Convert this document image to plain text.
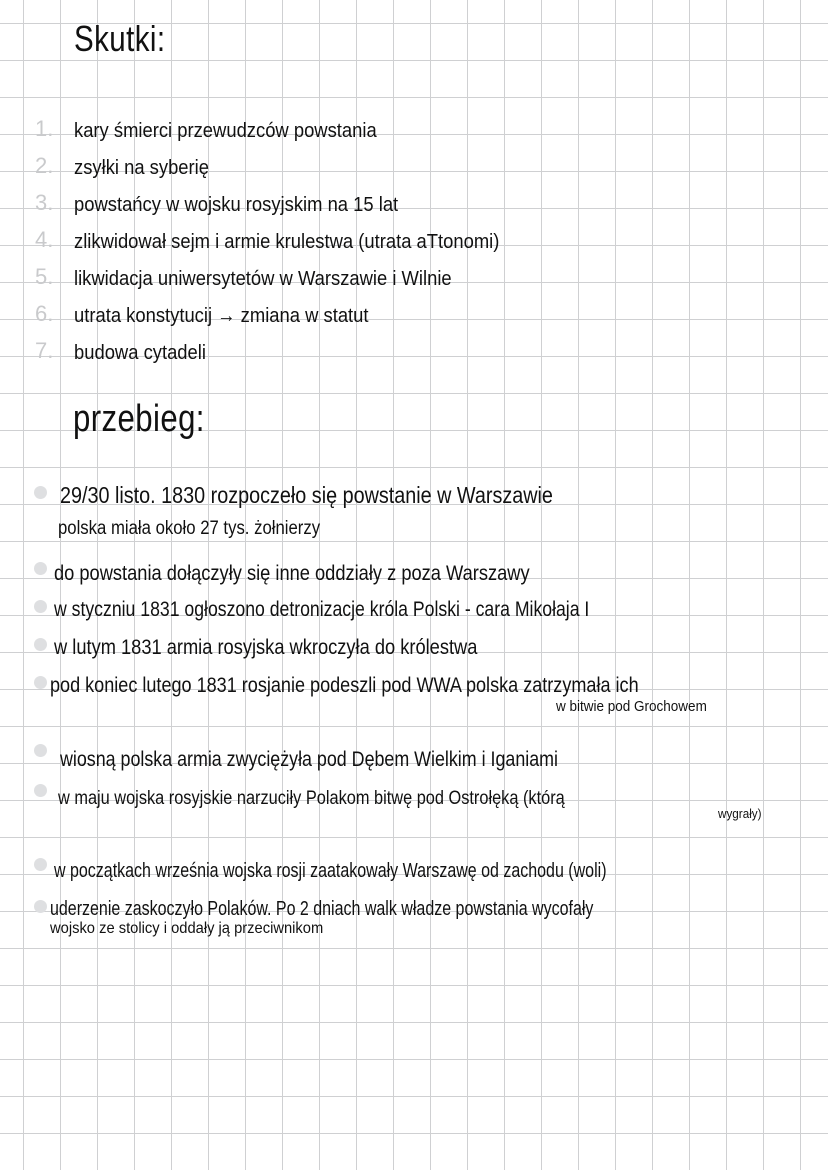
Skutki:
1. kary śmierci przewudzców powstania
2. zsyłki na syberię
3. powstańcy w wojsku rosyjskim na 15 lat
4. zlikwidował sejm i armie krulestwa (utrata aTtonomi)
5. likwidacja uniwersytetów w Warszawie i Wilnie
6. utrata konstytucij → zmiana w statut
7. budowa cytadeli
przebieg:
29/30 listo. 1830 rozpoczeło się powstanie w Warszawie
polska miała około 27 tys. żołnierzy
do powstania dołączyły się inne oddziały z poza Warszawy
w styczniu 1831 ogłoszono detronizacje króla Polski - cara Mikołaja I
w lutym 1831 armia rosyjska wkroczyła do królestwa
pod koniec lutego 1831 rosjanie podeszli pod WWA polska zatrzymała ich
w bitwie pod Grochowem
wiosną polska armia zwyciężyła pod Dębem Wielkim i Iganiami
w maju wojska rosyjskie narzuciły Polakom bitwę pod Ostrołęką (którą
wygrały)
w początkach września wojska rosji zaatakowały Warszawę od zachodu (woli)
uderzenie zaskoczyło Polaków. Po 2 dniach walk władze powstania wycofały
wojsko ze stolicy i oddały ją przeciwnikom
